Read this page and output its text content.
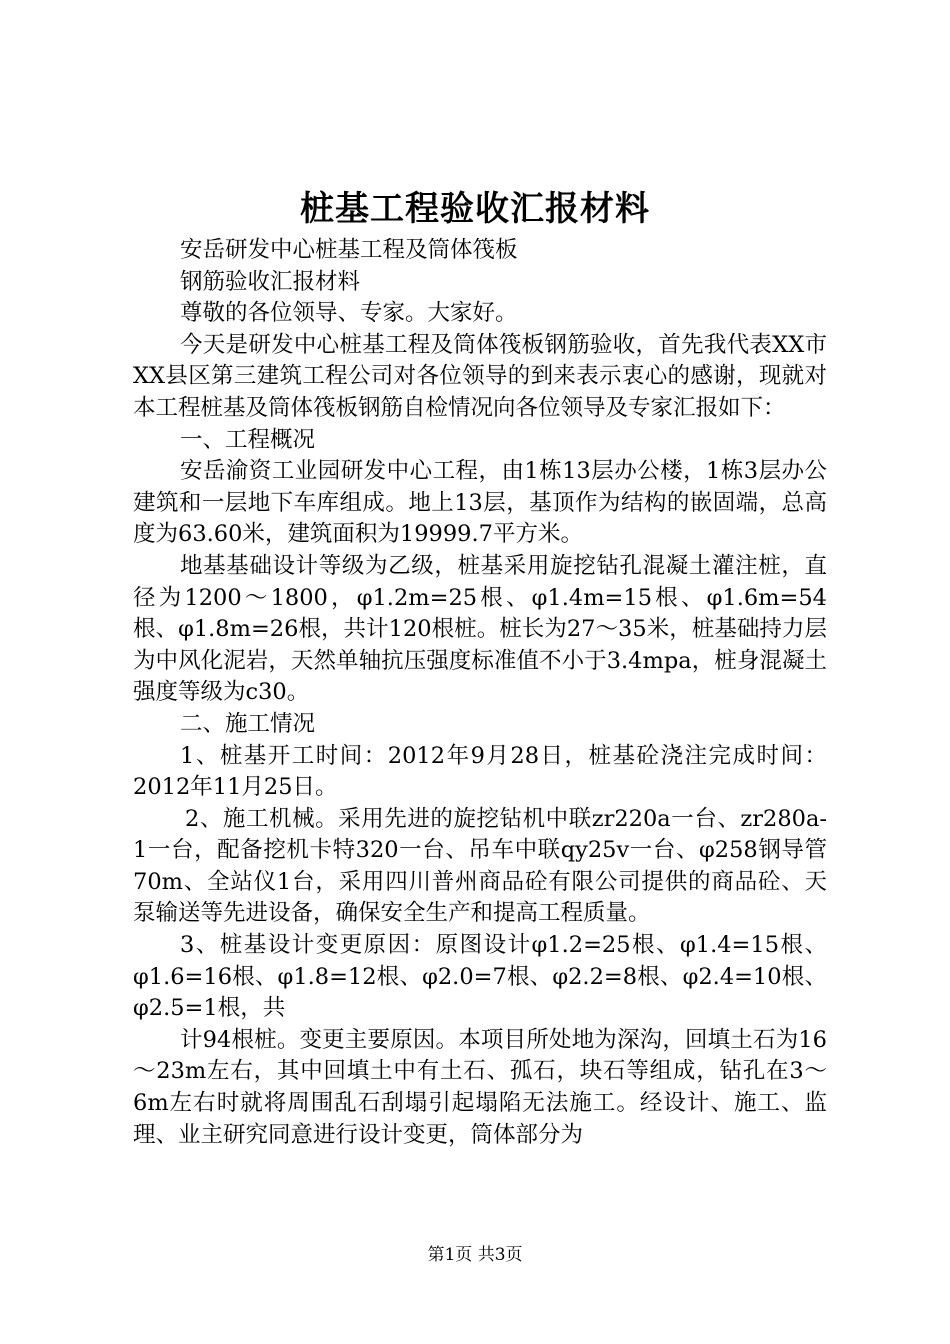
桩基工程验收汇报材料

安岳研发中心桩基工程及筒体筏板

钢筋验收汇报材料

尊敬的各位领导、专家。大家好。

今天是研发中心桩基工程及筒体筏板钢筋验收，首先我代表XX市XX县区第三建筑工程公司对各位领导的到来表示衷心的感谢，现就对本工程桩基及筒体筏板钢筋自检情况向各位领导及专家汇报如下：

一、工程概况

安岳渝资工业园研发中心工程，由1栋13层办公楼，1栋3层办公建筑和一层地下车库组成。地上13层，基顶作为结构的嵌固端，总高度为63.60米，建筑面积为19999.7平方米。

地基基础设计等级为乙级，桩基采用旋挖钻孔混凝土灌注桩，直径为1200～1800，φ1.2m=25根、φ1.4m=15根、φ1.6m=54根、φ1.8m=26根，共计120根桩。桩长为27～35米，桩基础持力层为中风化泥岩，天然单轴抗压强度标准值不小于3.4mpa，桩身混凝土强度等级为c30。

二、施工情况

1、桩基开工时间：2012年9月28日，桩基砼浇注完成时间：2012年11月25日。

2、施工机械。采用先进的旋挖钻机中联zr220a一台、zr280a-1一台，配备挖机卡特320一台、吊车中联qy25v一台、φ258钢导管70m、全站仪1台，采用四川普州商品砼有限公司提供的商品砼、天泵输送等先进设备，确保安全生产和提高工程质量。

3、桩基设计变更原因：原图设计φ1.2=25根、φ1.4=15根、φ1.6=16根、φ1.8=12根、φ2.0=7根、φ2.2=8根、φ2.4=10根、φ2.5=1根，共

计94根桩。变更主要原因。本项目所处地为深沟，回填土石为16～23m左右，其中回填土中有土石、孤石，块石等组成，钻孔在3～6m左右时就将周围乱石刮塌引起塌陷无法施工。经设计、施工、监理、业主研究同意进行设计变更，筒体部分为

第1页 共3页
